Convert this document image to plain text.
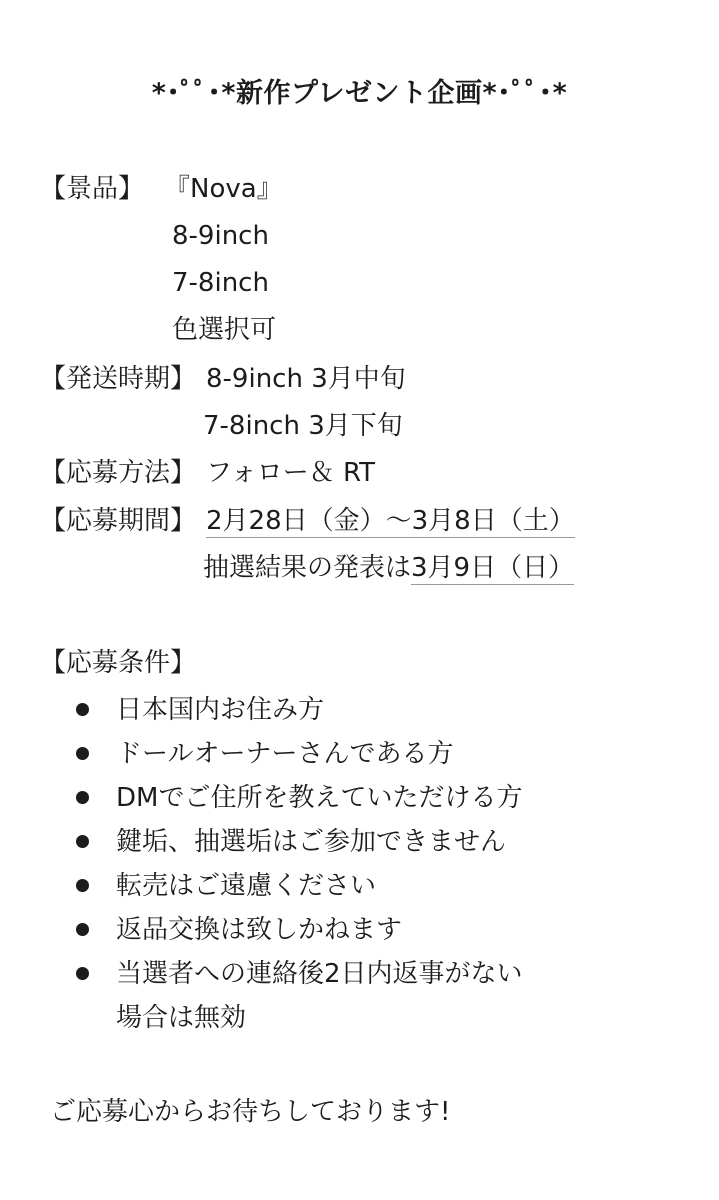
*･ﾟﾟ･*新作プレゼント企画*･ﾟﾟ･*
【景品】 『Nova』
8-9inch
7-8inch
色選択可
【発送時期】 8-9inch 3月中旬
7-8inch 3月下旬
【応募方法】 フォロー＆ RT
【応募期間】 2月28日（金）～3月8日（土）
抽選結果の発表は3月9日（日）
【応募条件】
日本国内お住み方
ドールオーナーさんである方
DMでご住所を教えていただける方
鍵垢、抽選垢はご参加できません
転売はご遠慮ください
返品交換は致しかねます
当選者への連絡後2日内返事がない
場合は無効
ご応募心からお待ちしております!
